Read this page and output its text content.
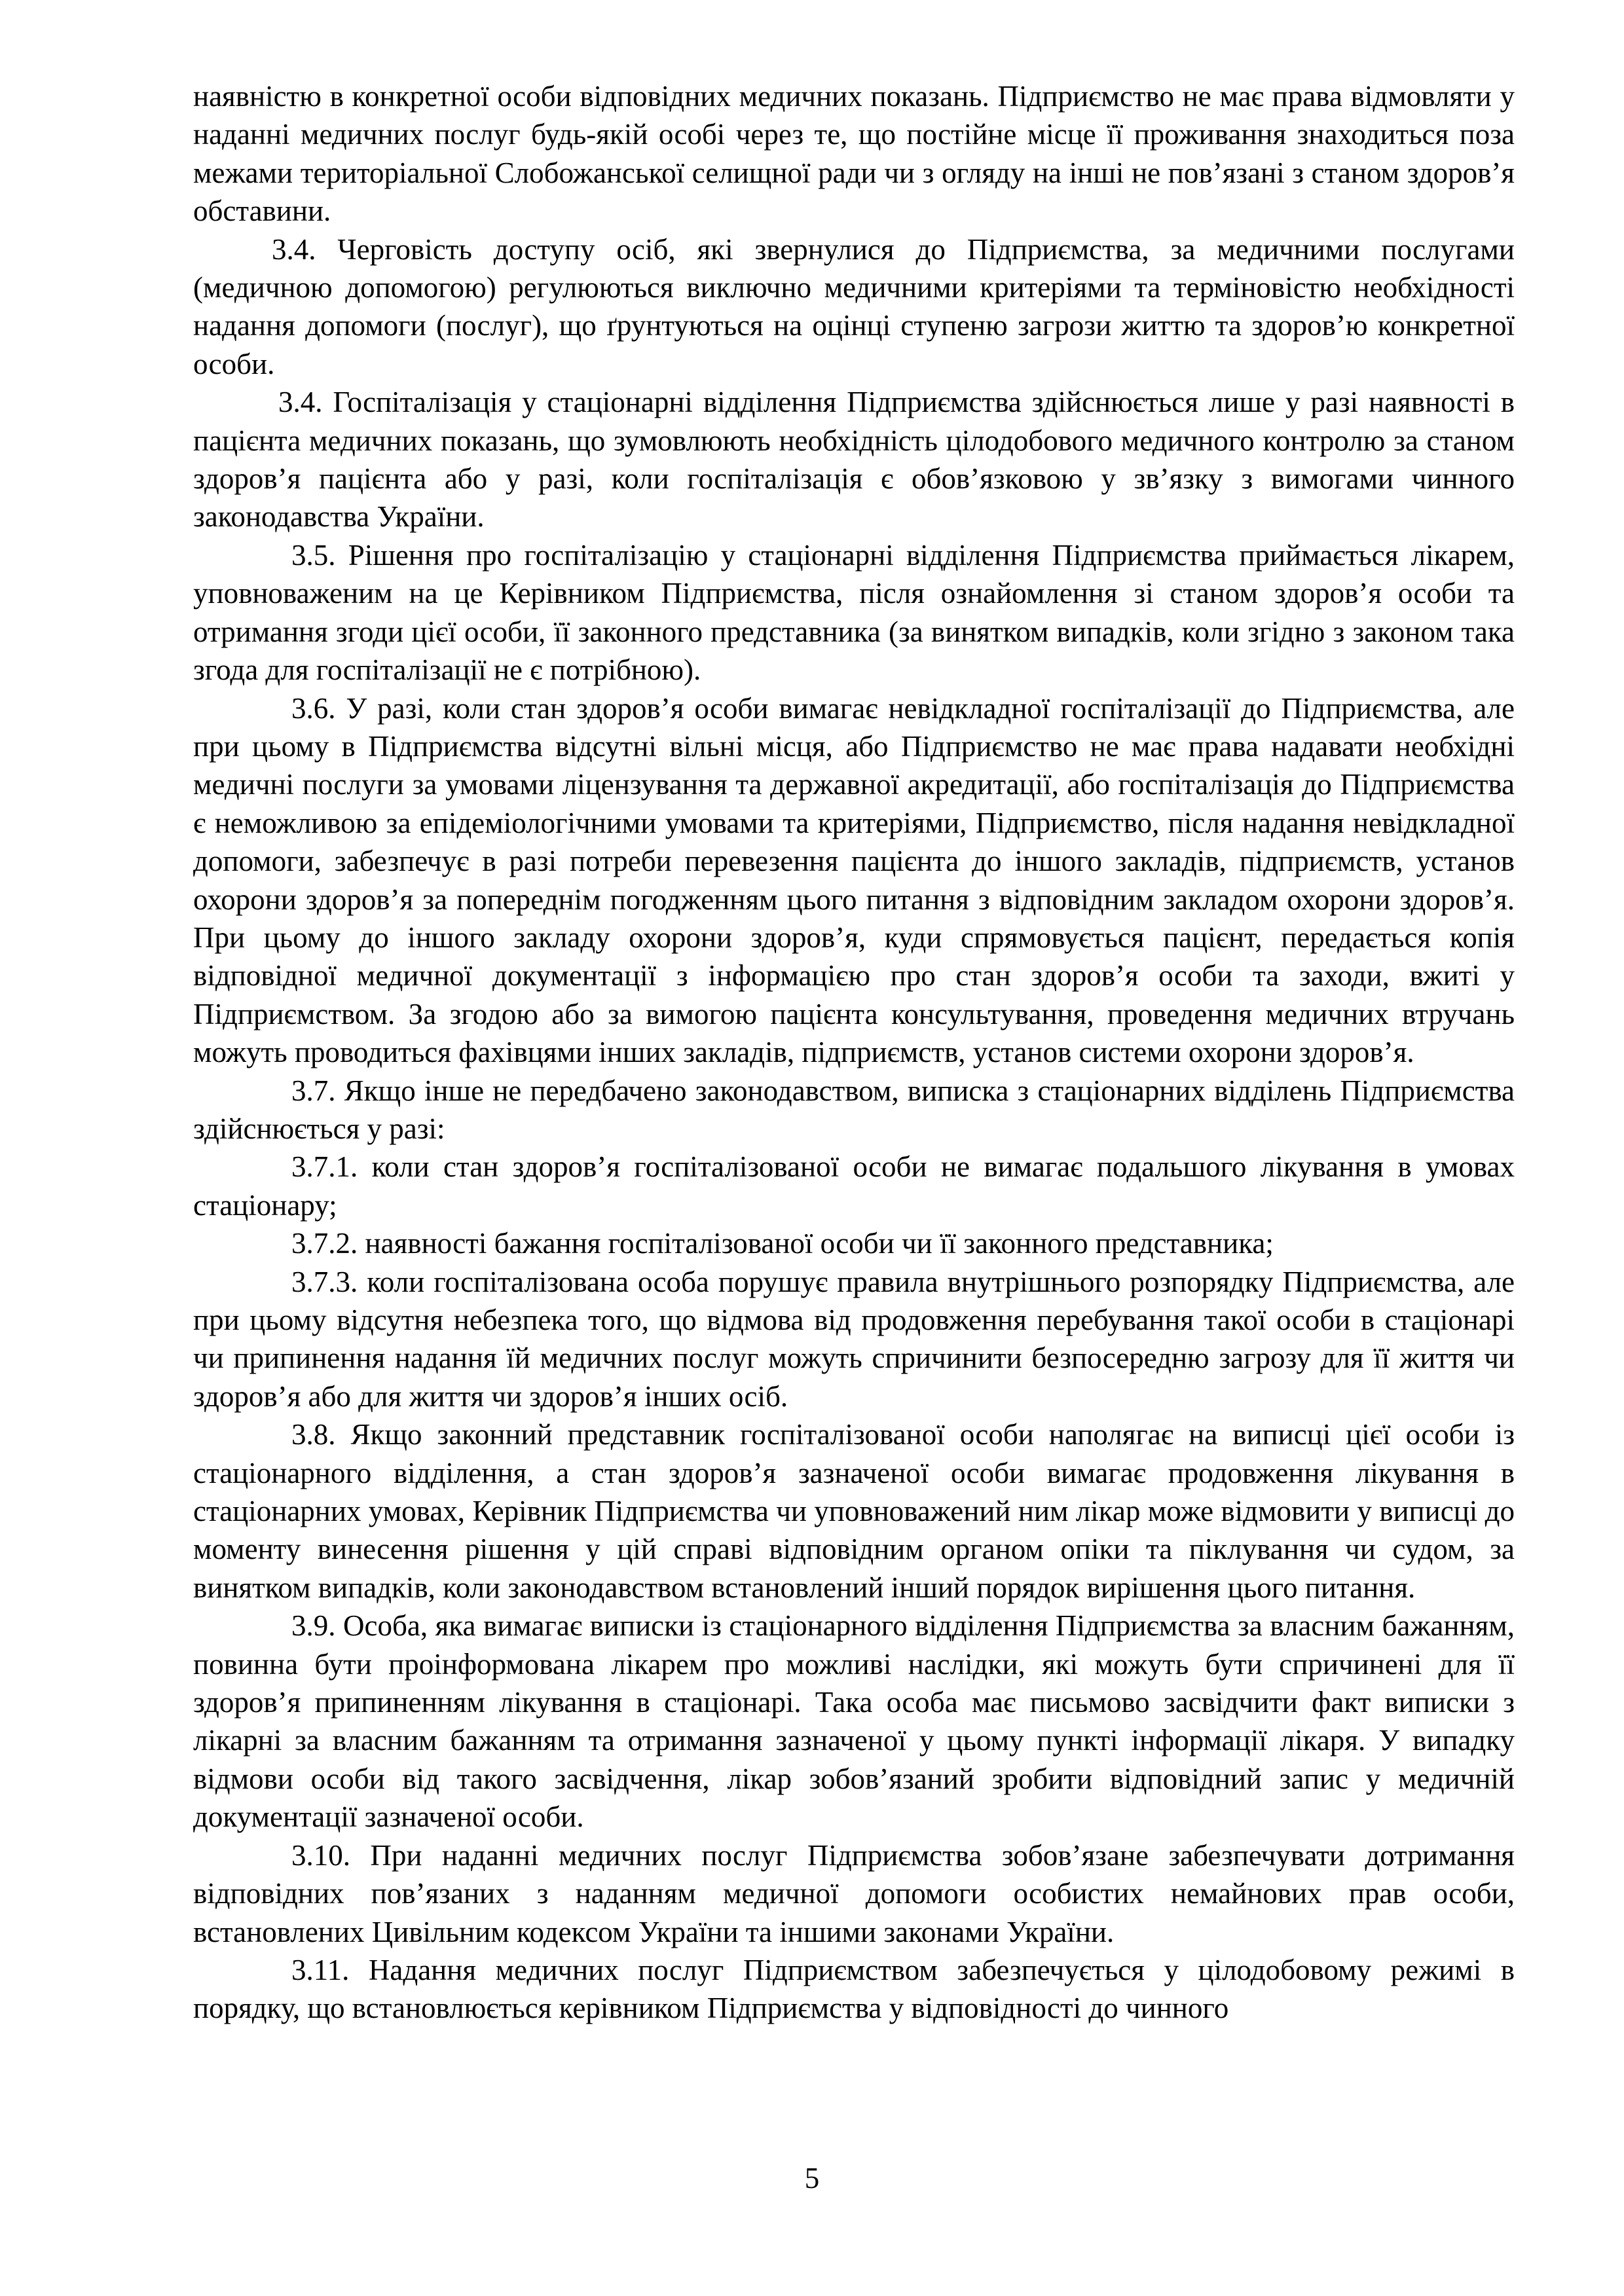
наявністю в конкретної особи відповідних медичних показань. Підприємство не має права відмовляти у наданні медичних послуг будь-якій особі через те, що постійне місце її проживання знаходиться поза межами територіальної Слобожанської селищної ради чи з огляду на інші не пов’язані з станом здоров’я обставини.

3.4. Черговість доступу осіб, які звернулися до Підприємства, за медичними послугами (медичною допомогою) регулюються виключно медичними критеріями та терміновістю необхідності надання допомоги (послуг), що ґрунтуються на оцінці ступеню загрози життю та здоров’ю конкретної особи.

3.4. Госпіталізація у стаціонарні відділення Підприємства здійснюється лише у разі наявності в пацієнта медичних показань, що зумовлюють необхідність цілодобового медичного контролю за станом здоров’я пацієнта або у разі, коли госпіталізація є обов’язковою у зв’язку з вимогами чинного законодавства України.

3.5. Рішення про госпіталізацію у стаціонарні відділення Підприємства приймається лікарем, уповноваженим на це Керівником Підприємства, після ознайомлення зі станом здоров’я особи та отримання згоди цієї особи, її законного представника (за винятком випадків, коли згідно з законом така згода для госпіталізації не є потрібною).

3.6. У разі, коли стан здоров’я особи вимагає невідкладної госпіталізації до Підприємства, але при цьому в Підприємства відсутні вільні місця, або Підприємство не має права надавати необхідні медичні послуги за умовами ліцензування та державної акредитації, або госпіталізація до Підприємства є неможливою за епідеміологічними умовами та критеріями, Підприємство, після надання невідкладної допомоги, забезпечує в разі потреби перевезення пацієнта до іншого закладів, підприємств, установ охорони здоров’я за попереднім погодженням цього питання з відповідним закладом охорони здоров’я. При цьому до іншого закладу охорони здоров’я, куди спрямовується пацієнт, передається копія відповідної медичної документації з інформацією про стан здоров’я особи та заходи, вжиті у Підприємством. За згодою або за вимогою пацієнта консультування, проведення медичних втручань можуть проводиться фахівцями інших закладів, підприємств, установ системи охорони здоров’я.

3.7. Якщо інше не передбачено законодавством, виписка з стаціонарних відділень Підприємства здійснюється у разі:

3.7.1. коли стан здоров’я госпіталізованої особи не вимагає подальшого лікування в умовах стаціонару;

3.7.2. наявності бажання госпіталізованої особи чи її законного представника;

3.7.3. коли госпіталізована особа порушує правила внутрішнього розпорядку Підприємства, але при цьому відсутня небезпека того, що відмова від продовження перебування такої особи в стаціонарі чи припинення надання їй медичних послуг можуть спричинити безпосередню загрозу для її життя чи здоров’я або для життя чи здоров’я інших осіб.

3.8. Якщо законний представник госпіталізованої особи наполягає на виписці цієї особи із стаціонарного відділення, а стан здоров’я зазначеної особи вимагає продовження лікування в стаціонарних умовах, Керівник Підприємства чи уповноважений ним лікар може відмовити у виписці до моменту винесення рішення у цій справі відповідним органом опіки та піклування чи судом, за винятком випадків, коли законодавством встановлений інший порядок вирішення цього питання.

3.9. Особа, яка вимагає виписки із стаціонарного відділення Підприємства за власним бажанням, повинна бути проінформована лікарем про можливі наслідки, які можуть бути спричинені для її здоров’я припиненням лікування в стаціонарі. Така особа має письмово засвідчити факт виписки з лікарні за власним бажанням та отримання зазначеної у цьому пункті інформації лікаря. У випадку відмови особи від такого засвідчення, лікар зобов’язаний зробити відповідний запис у медичній документації зазначеної особи.

3.10. При наданні медичних послуг Підприємства зобов’язане забезпечувати дотримання відповідних пов’язаних з наданням медичної допомоги особистих немайнових прав особи, встановлених Цивільним кодексом України та іншими законами України.

3.11. Надання медичних послуг Підприємством забезпечується у цілодобовому режимі в порядку, що встановлюється керівником Підприємства у відповідності до чинного

5
